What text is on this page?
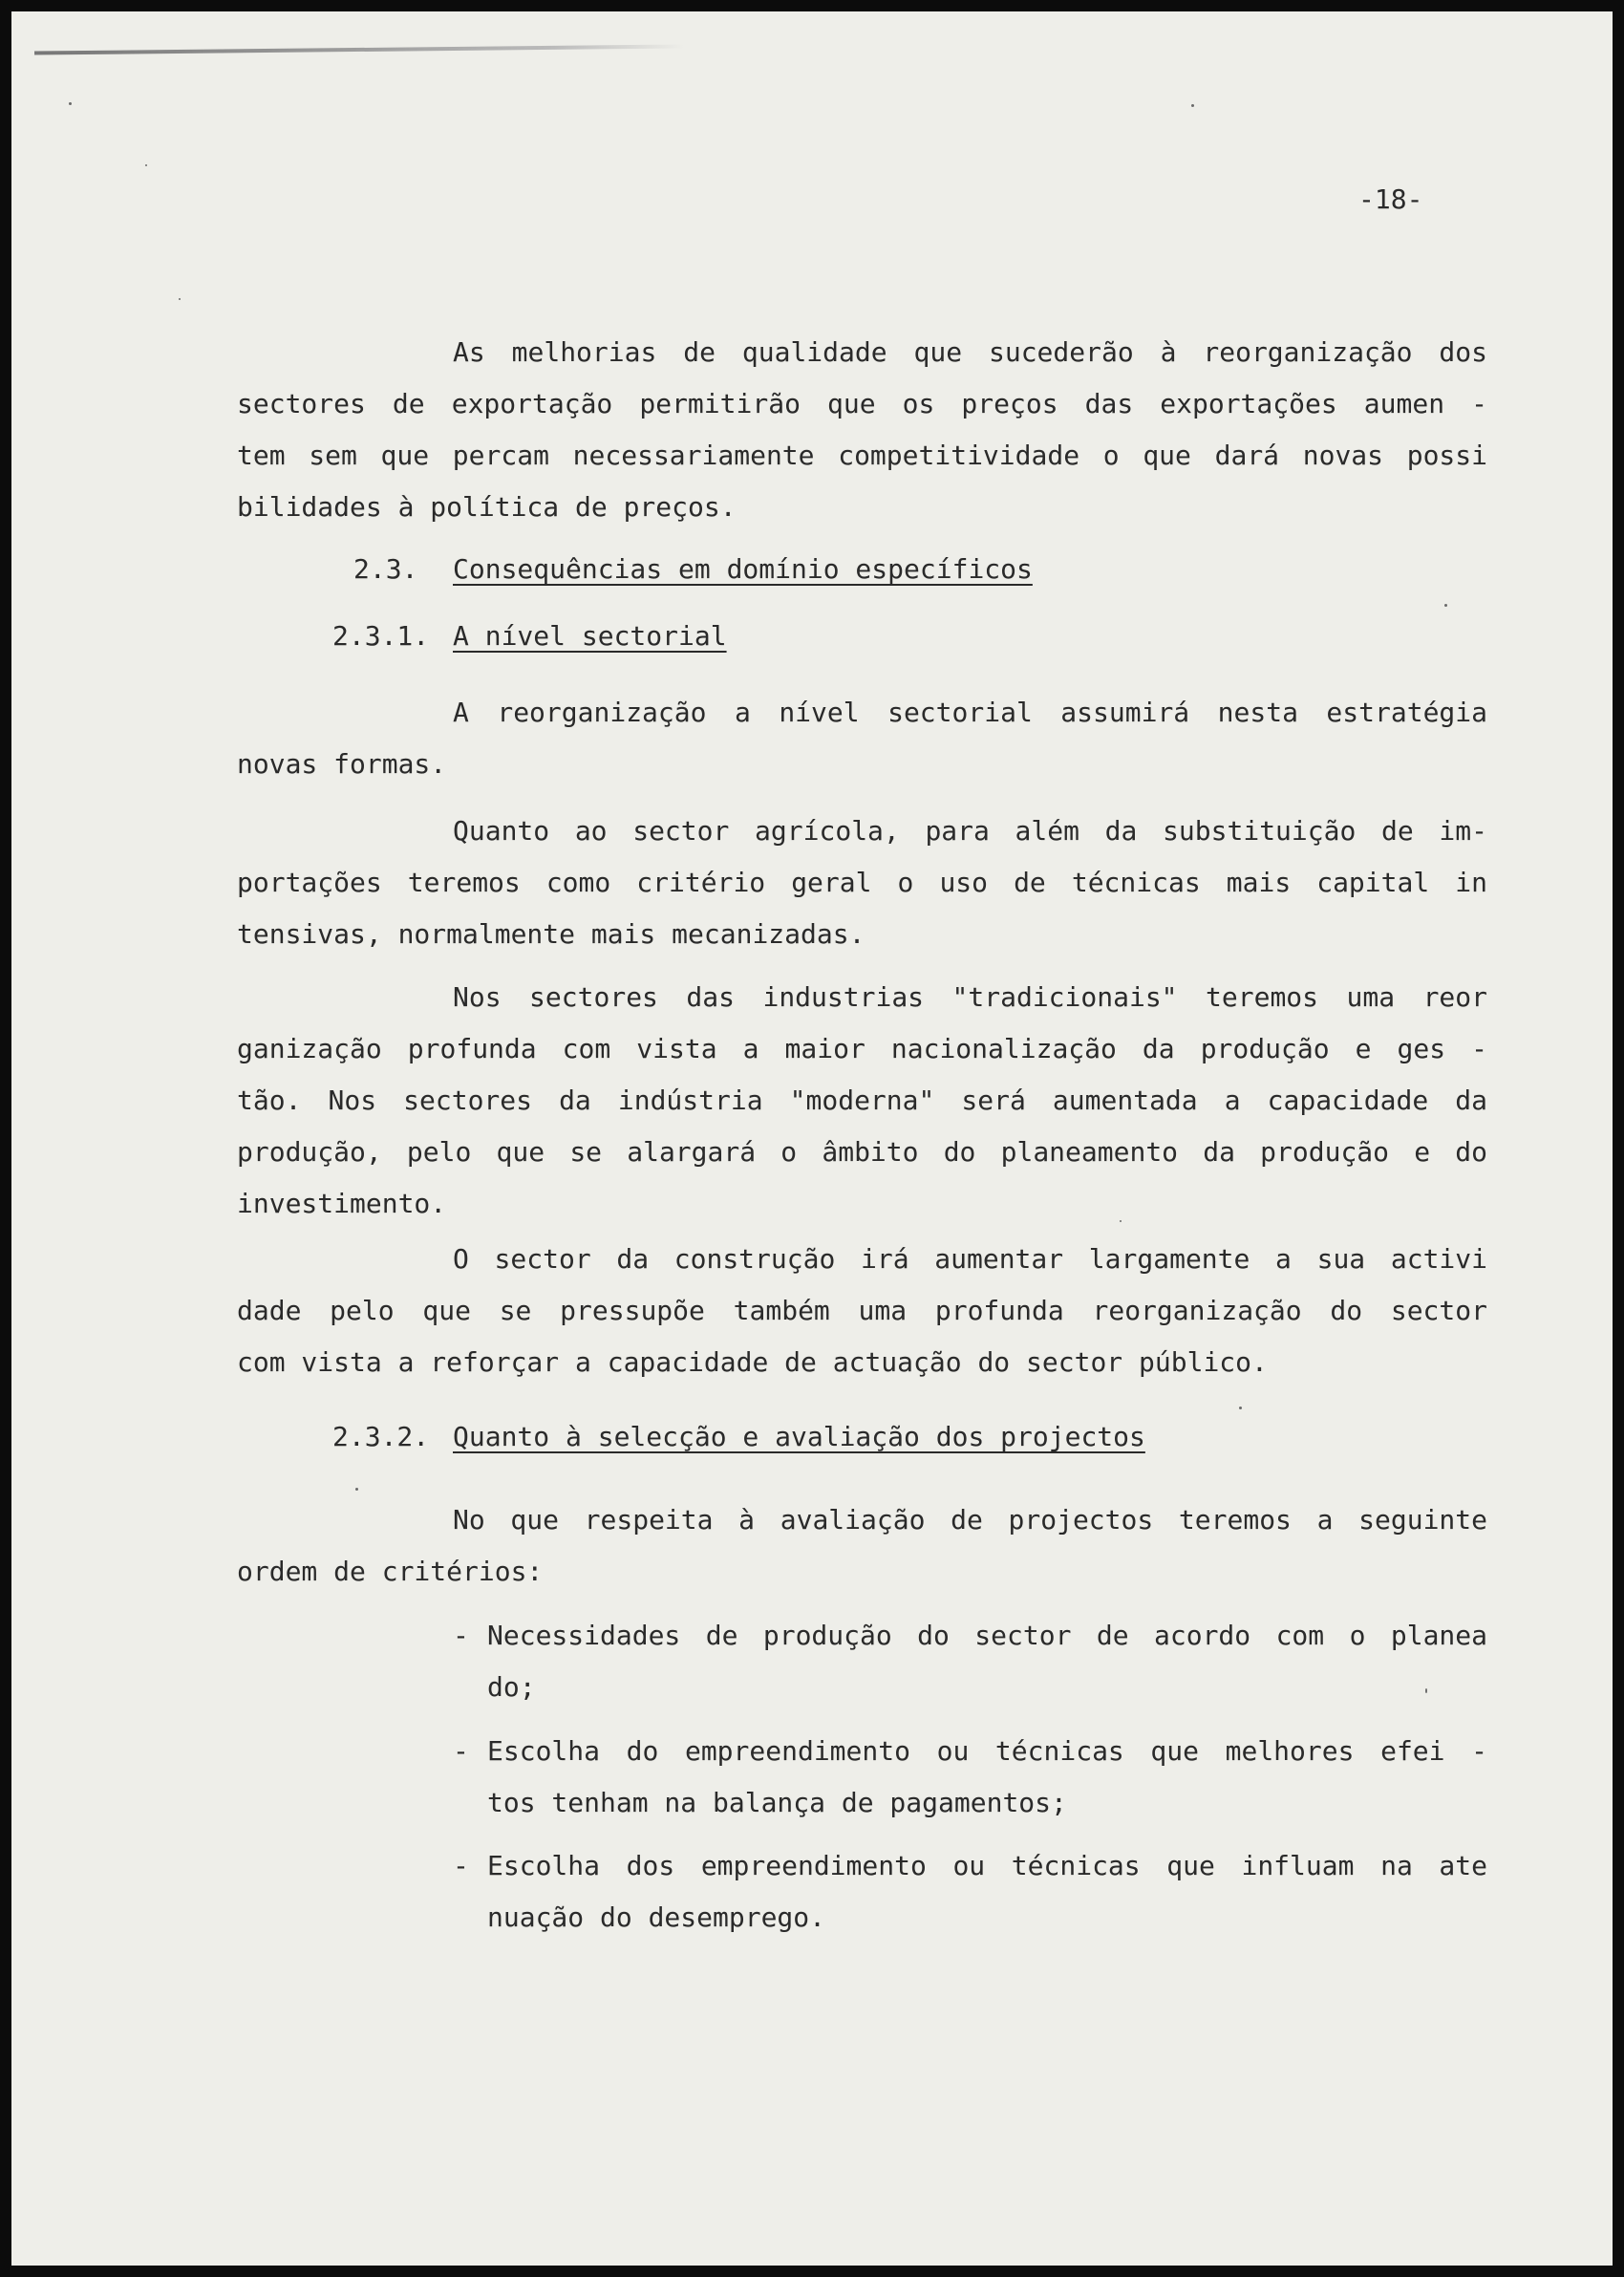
-18-
As melhorias de qualidade que sucederão à reorganização dos
sectores de exportação permitirão que os preços das exportações aumen -
tem sem que percam necessariamente competitividade o que dará novas possi
bilidades à política de preços.
2.3. Consequências em domínio específicos
2.3.1. A nível sectorial
A reorganização a nível sectorial assumirá nesta estratégia
novas formas.
Quanto ao sector agrícola, para além da substituição de im-
portações teremos como critério geral o uso de técnicas mais capital in
tensivas, normalmente mais mecanizadas.
Nos sectores das industrias "tradicionais" teremos uma reor
ganização profunda com vista a maior nacionalização da produção e ges -
tão. Nos sectores da indústria "moderna" será aumentada a capacidade da
produção, pelo que se alargará o âmbito do planeamento da produção e do
investimento.
O sector da construção irá aumentar largamente a sua activi
dade pelo que se pressupõe também uma profunda reorganização do sector
com vista a reforçar a capacidade de actuação do sector público.
2.3.2. Quanto à selecção e avaliação dos projectos
No que respeita à avaliação de projectos teremos a seguinte
ordem de critérios:
- Necessidades de produção do sector de acordo com o planea
do;
- Escolha do empreendimento ou técnicas que melhores efei -
tos tenham na balança de pagamentos;
- Escolha dos empreendimento ou técnicas que influam na ate
nuação do desemprego.
